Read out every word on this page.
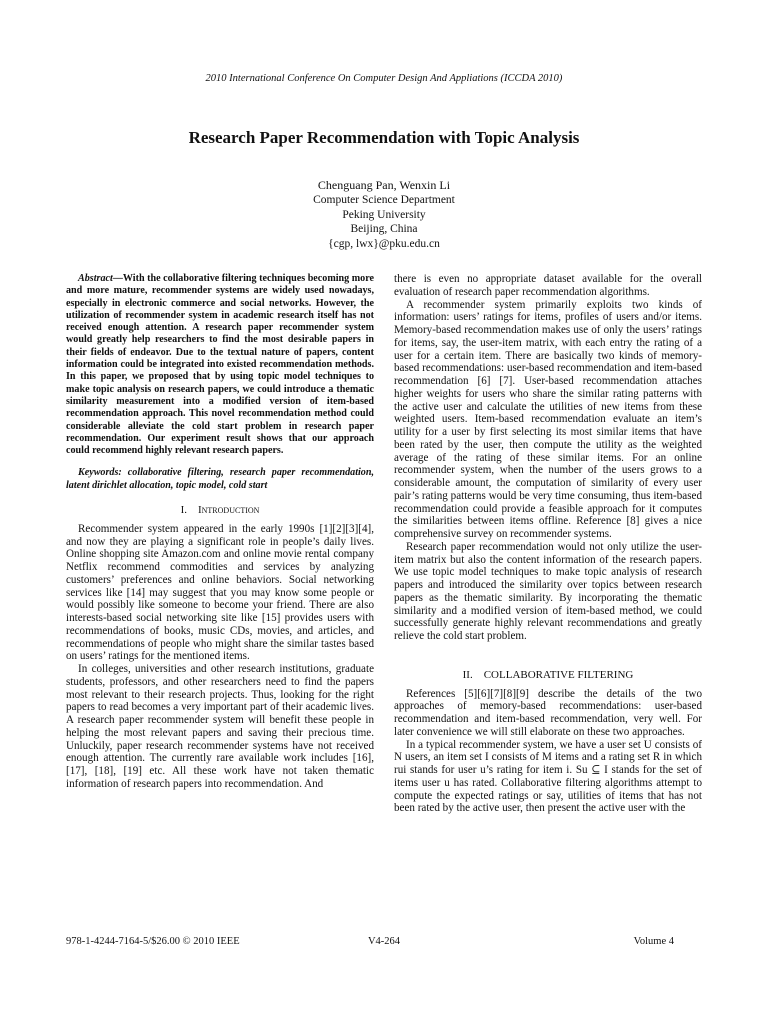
2010 International Conference On Computer Design And Appliations (ICCDA 2010)
Research Paper Recommendation with Topic Analysis
Chenguang Pan, Wenxin Li
Computer Science Department
Peking University
Beijing, China
{cgp, lwx}@pku.edu.cn

Abstract—With the collaborative filtering techniques becoming more and more mature, recommender systems are widely used nowadays, especially in electronic commerce and social networks. However, the utilization of recommender system in academic research itself has not received enough attention. A research paper recommender system would greatly help researchers to find the most desirable papers in their fields of endeavor. Due to the textual nature of papers, content information could be integrated into existed recommendation methods. In this paper, we proposed that by using topic model techniques to make topic analysis on research papers, we could introduce a thematic similarity measurement into a modified version of item-based recommendation approach. This novel recommendation method could considerable alleviate the cold start problem in research paper recommendation. Our experiment result shows that our approach could recommend highly relevant research papers.

Keywords: collaborative filtering, research paper recommendation, latent dirichlet allocation, topic model, cold start

I. Introduction

Recommender system appeared in the early 1990s [1][2][3][4], and now they are playing a significant role in people’s daily lives. Online shopping site Amazon.com and online movie rental company Netflix recommend commodities and services by analyzing customers’ preferences and online behaviors. Social networking services like [14] may suggest that you may know some people or would possibly like someone to become your friend. There are also interests-based social networking site like [15] provides users with recommendations of books, music CDs, movies, and articles, and recommendations of people who might share the similar tastes based on users’ ratings for the mentioned items.

In colleges, universities and other research institutions, graduate students, professors, and other researchers need to find the papers most relevant to their research projects. Thus, looking for the right papers to read becomes a very important part of their academic lives. A research paper recommender system will benefit these people in helping the most relevant papers and saving their precious time. Unluckily, paper research recommender systems have not received enough attention. The currently rare available work includes [16], [17], [18], [19] etc. All these work have not taken thematic information of research papers into recommendation. And

there is even no appropriate dataset available for the overall evaluation of research paper recommendation algorithms.

A recommender system primarily exploits two kinds of information: users’ ratings for items, profiles of users and/or items. Memory-based recommendation makes use of only the users’ ratings for items, say, the user-item matrix, with each entry the rating of a user for a certain item. There are basically two kinds of memory-based recommendations: user-based recommendation and item-based recommendation [6] [7]. User-based recommendation attaches higher weights for users who share the similar rating patterns with the active user and calculate the utilities of new items from these weighted users. Item-based recommendation evaluate an item’s utility for a user by first selecting its most similar items that have been rated by the user, then compute the utility as the weighted average of the rating of these similar items. For an online recommender system, when the number of the users grows to a considerable amount, the computation of similarity of every user pair’s rating patterns would be very time consuming, thus item-based recommendation could provide a feasible approach for it computes the similarities between items offline. Reference [8] gives a nice comprehensive survey on recommender systems.

Research paper recommendation would not only utilize the user-item matrix but also the content information of the research papers. We use topic model techniques to make topic analysis of research papers and introduced the similarity over topics between research papers as the thematic similarity. By incorporating the thematic similarity and a modified version of item-based method, we could successfully generate highly relevant recommendations and greatly relieve the cold start problem.

II. COLLABORATIVE FILTERING

References [5][6][7][8][9] describe the details of the two approaches of memory-based recommendations: user-based recommendation and item-based recommendation, very well. For later convenience we will still elaborate on these two approaches.

In a typical recommender system, we have a user set U consists of N users, an item set I consists of M items and a rating set R in which rui stands for user u’s rating for item i. Su ⊆ I stands for the set of items user u has rated. Collaborative filtering algorithms attempt to compute the expected ratings or say, utilities of items that has not been rated by the active user, then present the active user with the

978-1-4244-7164-5/$26.00 © 2010 IEEE	V4-264	Volume 4
